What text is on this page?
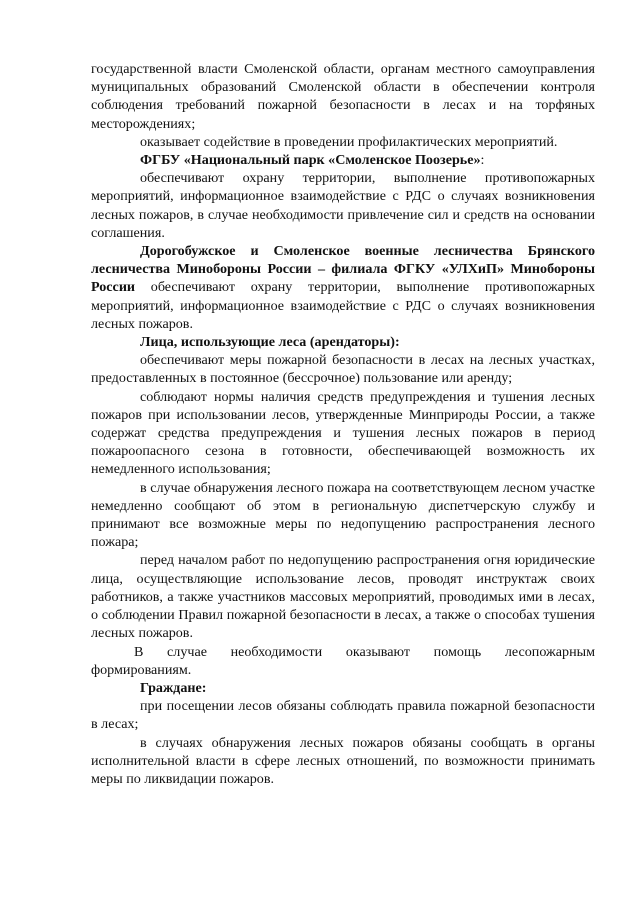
государственной власти Смоленской области, органам местного самоуправления муниципальных образований Смоленской области в обеспечении контроля соблюдения требований пожарной безопасности в лесах и на торфяных месторождениях;

оказывает содействие в проведении профилактических мероприятий.

ФГБУ «Национальный парк «Смоленское Поозерье»:

обеспечивают охрану территории, выполнение противопожарных мероприятий, информационное взаимодействие с РДС о случаях возникновения лесных пожаров, в случае необходимости привлечение сил и средств на основании соглашения.

Дорогобужское и Смоленское военные лесничества Брянского лесничества Минобороны России – филиала ФГКУ «УЛХиП» Минобороны России обеспечивают охрану территории, выполнение противопожарных мероприятий, информационное взаимодействие с РДС о случаях возникновения лесных пожаров.

Лица, использующие леса (арендаторы):

обеспечивают меры пожарной безопасности в лесах на лесных участках, предоставленных в постоянное (бессрочное) пользование или аренду;

соблюдают нормы наличия средств предупреждения и тушения лесных пожаров при использовании лесов, утвержденные Минприроды России, а также содержат средства предупреждения и тушения лесных пожаров в период пожароопасного сезона в готовности, обеспечивающей возможность их немедленного использования;

в случае обнаружения лесного пожара на соответствующем лесном участке немедленно сообщают об этом в региональную диспетчерскую службу и принимают все возможные меры по недопущению распространения лесного пожара;

перед началом работ по недопущению распространения огня юридические лица, осуществляющие использование лесов, проводят инструктаж своих работников, а также участников массовых мероприятий, проводимых ими в лесах, о соблюдении Правил пожарной безопасности в лесах, а также о способах тушения лесных пожаров.

В случае необходимости оказывают помощь лесопожарным формированиям.

Граждане:

при посещении лесов обязаны соблюдать правила пожарной безопасности в лесах;

в случаях обнаружения лесных пожаров обязаны сообщать в органы исполнительной власти в сфере лесных отношений, по возможности принимать меры по ликвидации пожаров.
